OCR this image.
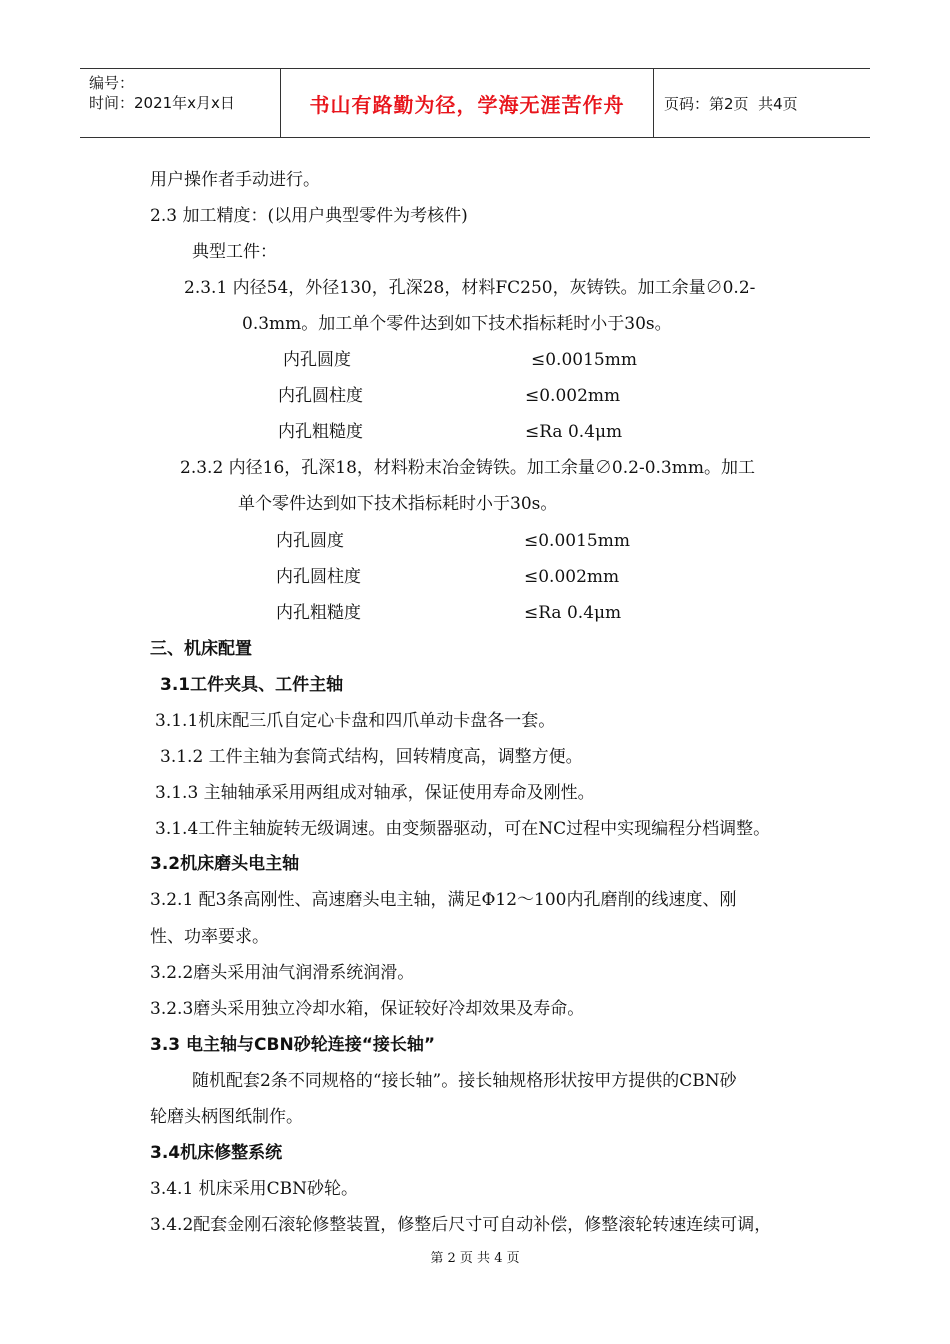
编号：
时间：2021年x月x日	书山有路勤为径，学海无涯苦作舟	页码：第2页  共4页
用户操作者手动进行。
2.3 加工精度：(以用户典型零件为考核件)
典型工件：
2.3.1 内径54，外径130，孔深28，材料FC250，灰铸铁。加工余量∅0.2-
0.3mm。加工单个零件达到如下技术指标耗时小于30s。
内孔圆度	≤0.0015mm
内孔圆柱度	≤0.002mm
内孔粗糙度	≤Ra 0.4μm
2.3.2 内径16，孔深18，材料粉末冶金铸铁。加工余量∅0.2-0.3mm。加工
单个零件达到如下技术指标耗时小于30s。
内孔圆度	≤0.0015mm
内孔圆柱度	≤0.002mm
内孔粗糙度	≤Ra 0.4μm
三、机床配置
3.1工件夹具、工件主轴
3.1.1机床配三爪自定心卡盘和四爪单动卡盘各一套。
3.1.2 工件主轴为套筒式结构，回转精度高，调整方便。
3.1.3 主轴轴承采用两组成对轴承，保证使用寿命及刚性。
3.1.4工件主轴旋转无级调速。由变频器驱动，可在NC过程中实现编程分档调整。
3.2机床磨头电主轴
3.2.1 配3条高刚性、高速磨头电主轴，满足Φ12～100内孔磨削的线速度、刚
性、功率要求。
3.2.2磨头采用油气润滑系统润滑。
3.2.3磨头采用独立冷却水箱，保证较好冷却效果及寿命。
3.3 电主轴与CBN砂轮连接“接长轴”
随机配套2条不同规格的“接长轴”。接长轴规格形状按甲方提供的CBN砂
轮磨头柄图纸制作。
3.4机床修整系统
3.4.1 机床采用CBN砂轮。
3.4.2配套金刚石滚轮修整装置，修整后尺寸可自动补偿，修整滚轮转速连续可调，
第 2 页 共 4 页
